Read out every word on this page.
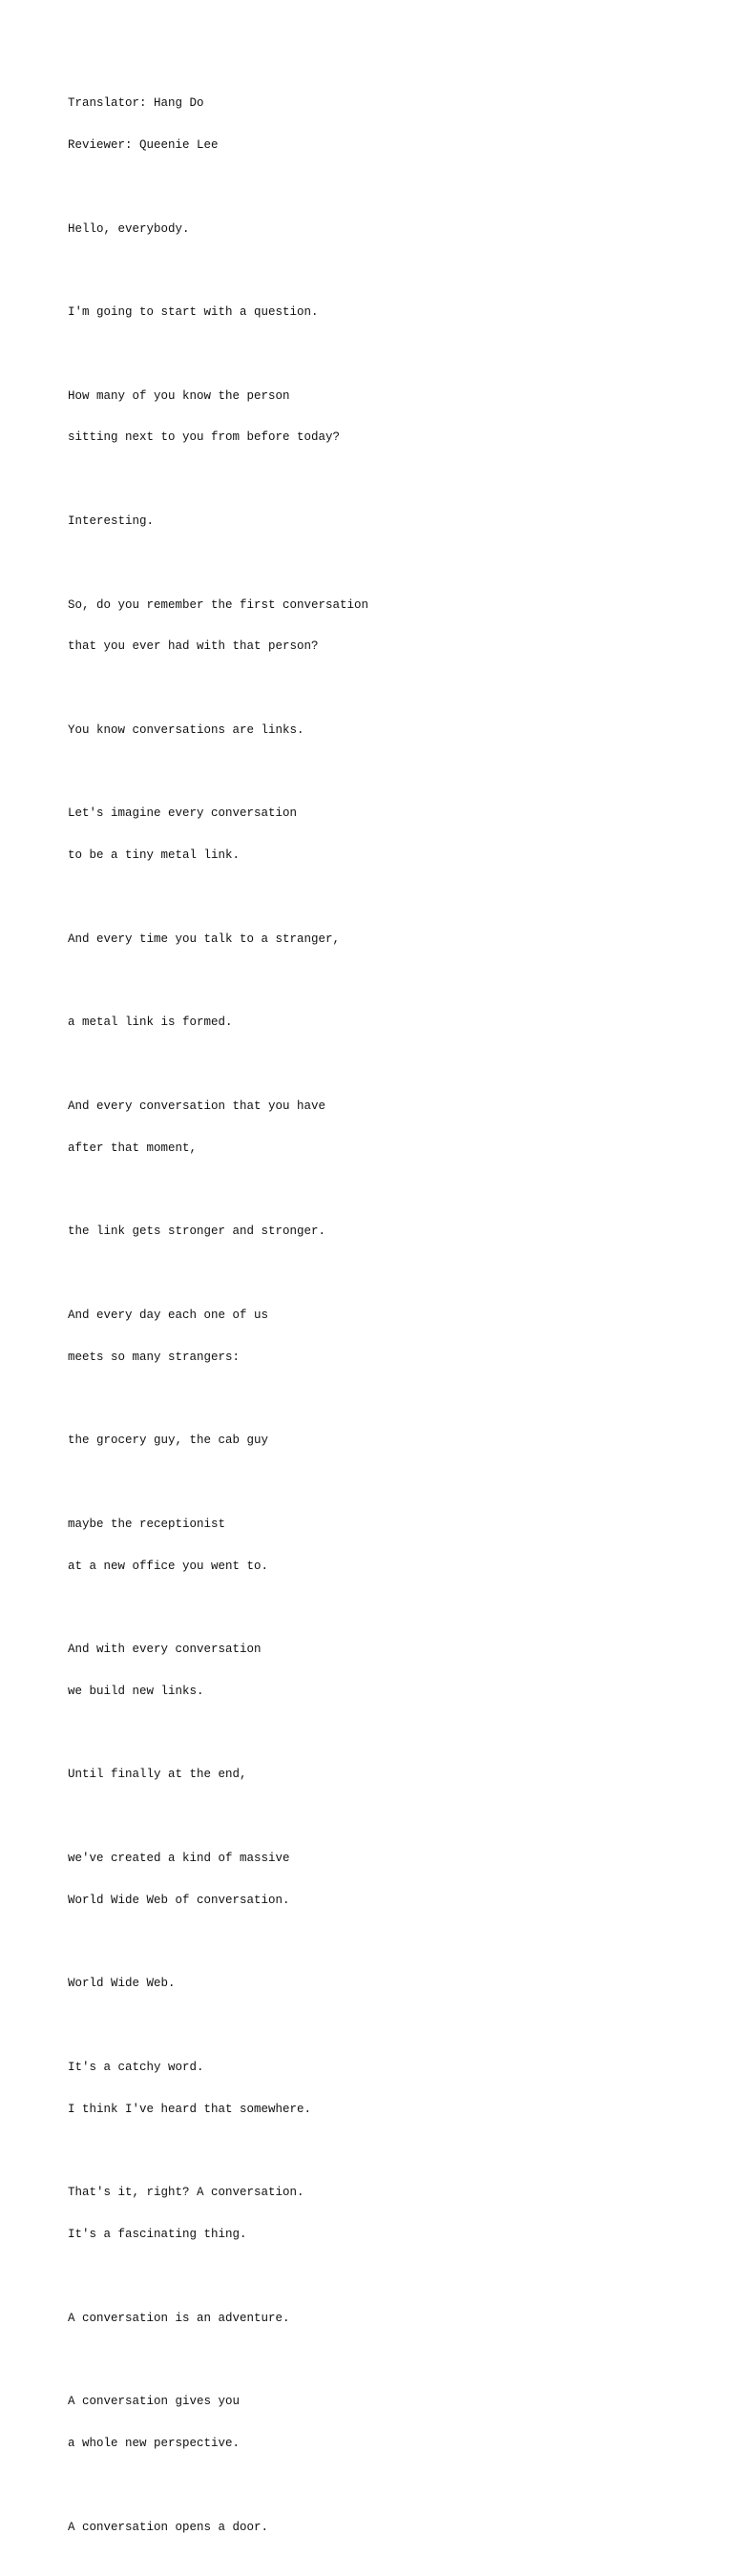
Translator: Hang Do

Reviewer: Queenie Lee

Hello, everybody.

I'm going to start with a question.

How many of you know the person

sitting next to you from before today?

Interesting.

So, do you remember the first conversation

that you ever had with that person?

You know conversations are links.

Let's imagine every conversation

to be a tiny metal link.

And every time you talk to a stranger,

a metal link is formed.

And every conversation that you have

after that moment,

the link gets stronger and stronger.

And every day each one of us

meets so many strangers:

the grocery guy, the cab guy

maybe the receptionist

at a new office you went to.

And with every conversation

we build new links.

Until finally at the end,

we've created a kind of massive

World Wide Web of conversation.

World Wide Web.

It's a catchy word.

I think I've heard that somewhere.

That's it, right? A conversation.

It's a fascinating thing.

A conversation is an adventure.

A conversation gives you

a whole new perspective.

A conversation opens a door.
